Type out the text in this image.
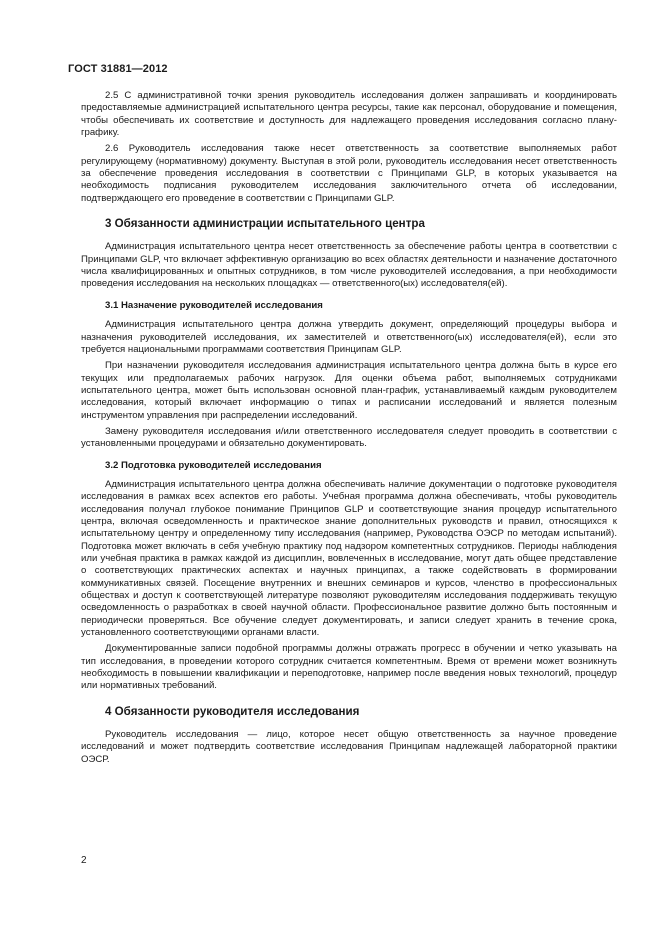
ГОСТ 31881—2012

2.5 С административной точки зрения руководитель исследования должен запрашивать и координировать предоставляемые администрацией испытательного центра ресурсы, такие как персонал, оборудование и помещения, чтобы обеспечивать их соответствие и доступность для надлежащего проведения исследования согласно плану-графику.

2.6 Руководитель исследования также несет ответственность за соответствие выполняемых работ регулирующему (нормативному) документу. Выступая в этой роли, руководитель исследования несет ответственность за обеспечение проведения исследования в соответствии с Принципами GLP, в которых указывается на необходимость подписания руководителем исследования заключительного отчета об исследовании, подтверждающего его проведение в соответствии с Принципами GLP.

3 Обязанности администрации испытательного центра

Администрация испытательного центра несет ответственность за обеспечение работы центра в соответствии с Принципами GLP, что включает эффективную организацию во всех областях деятельности и назначение достаточного числа квалифицированных и опытных сотрудников, в том числе руководителей исследования, а при необходимости проведения исследования на нескольких площадках — ответственного(ых) исследователя(ей).

3.1 Назначение руководителей исследования

Администрация испытательного центра должна утвердить документ, определяющий процедуры выбора и назначения руководителей исследования, их заместителей и ответственного(ых) исследователя(ей), если это требуется национальными программами соответствия Принципам GLP.

При назначении руководителя исследования администрация испытательного центра должна быть в курсе его текущих или предполагаемых рабочих нагрузок. Для оценки объема работ, выполняемых сотрудниками испытательного центра, может быть использован основной план-график, устанавливаемый каждым руководителем исследования, который включает информацию о типах и расписании исследований и является полезным инструментом управления при распределении исследований.

Замену руководителя исследования и/или ответственного исследователя следует проводить в соответствии с установленными процедурами и обязательно документировать.

3.2 Подготовка руководителей исследования

Администрация испытательного центра должна обеспечивать наличие документации о подготовке руководителя исследования в рамках всех аспектов его работы. Учебная программа должна обеспечивать, чтобы руководитель исследования получал глубокое понимание Принципов GLP и соответствующие знания процедур испытательного центра, включая осведомленность и практическое знание дополнительных руководств и правил, относящихся к испытательному центру и определенному типу исследования (например, Руководства ОЭСР по методам испытаний). Подготовка может включать в себя учебную практику под надзором компетентных сотрудников. Периоды наблюдения или учебная практика в рамках каждой из дисциплин, вовлеченных в исследование, могут дать общее представление о соответствующих практических аспектах и научных принципах, а также содействовать в формировании коммуникативных связей. Посещение внутренних и внешних семинаров и курсов, членство в профессиональных обществах и доступ к соответствующей литературе позволяют руководителям исследования поддерживать текущую осведомленность о разработках в своей научной области. Профессиональное развитие должно быть постоянным и периодически проверяться. Все обучение следует документировать, и записи следует хранить в течение срока, установленного соответствующими органами власти.

Документированные записи подобной программы должны отражать прогресс в обучении и четко указывать на тип исследования, в проведении которого сотрудник считается компетентным. Время от времени может возникнуть необходимость в повышении квалификации и переподготовке, например после введения новых технологий, процедур или нормативных требований.

4 Обязанности руководителя исследования

Руководитель исследования — лицо, которое несет общую ответственность за научное проведение исследований и может подтвердить соответствие исследования Принципам надлежащей лабораторной практики ОЭСР.

2
